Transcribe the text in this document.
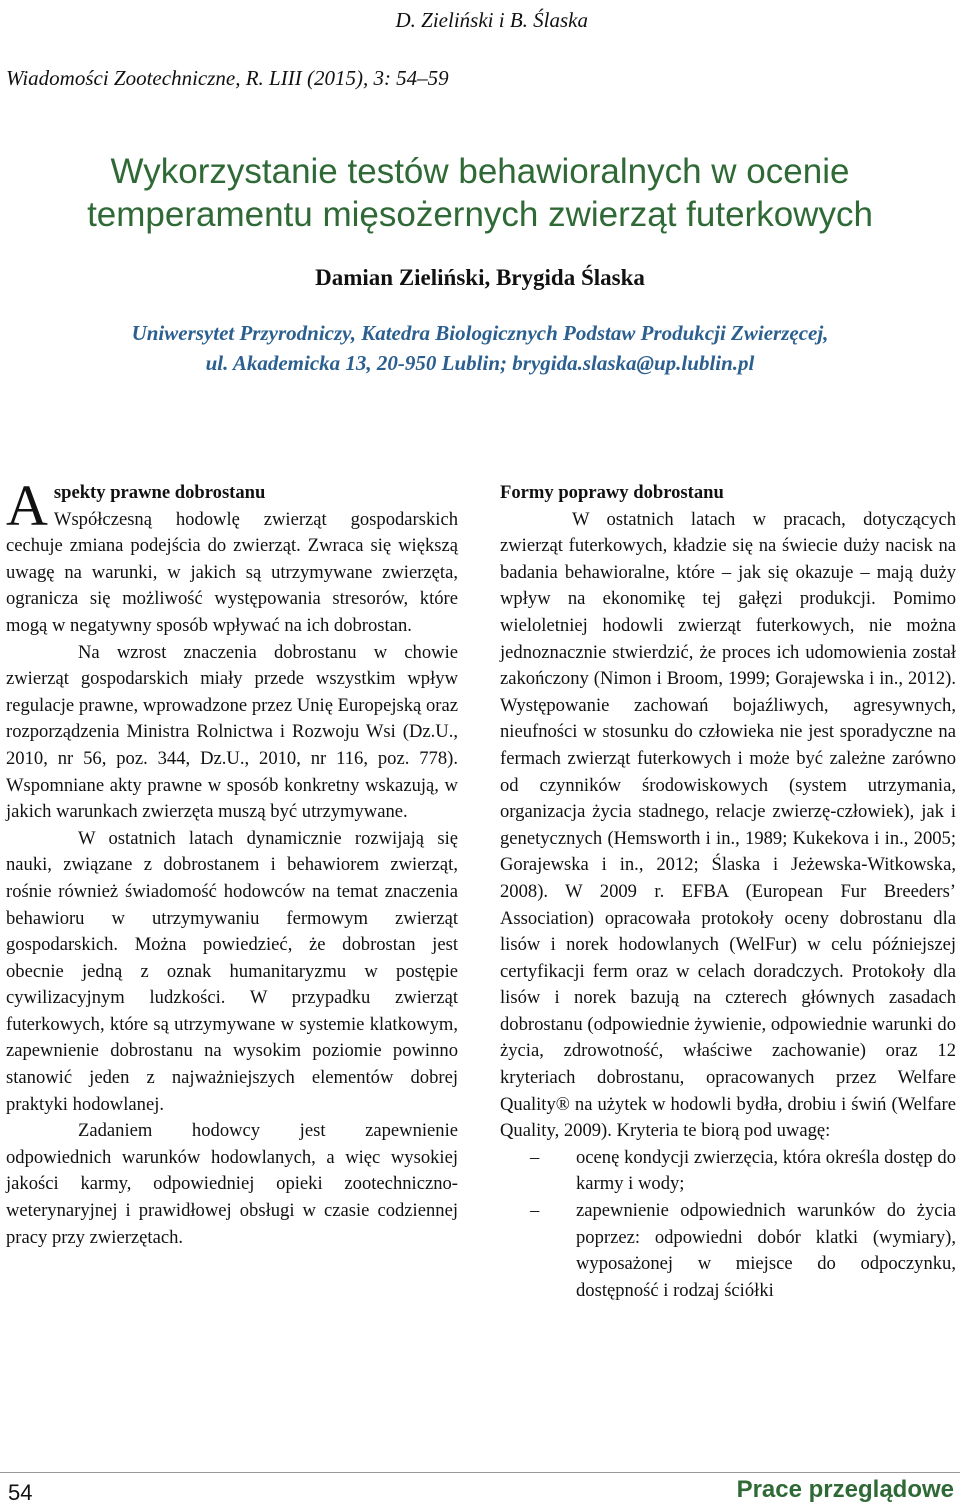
D. Zieliński i B. Ślaska
Wiadomości Zootechniczne, R. LIII (2015), 3: 54–59
Wykorzystanie testów behawioralnych w ocenie
temperamentu mięsożernych zwierząt futerkowych
Damian Zieliński, Brygida Ślaska
Uniwersytet Przyrodniczy, Katedra Biologicznych Podstaw Produkcji Zwierzęcej,
ul. Akademicka 13, 20-950 Lublin; brygida.slaska@up.lublin.pl

A spekty prawne dobrostanu
Współczesną hodowlę zwierząt gospodarskich cechuje zmiana podejścia do zwierząt. Zwraca się większą uwagę na warunki, w jakich są utrzymywane zwierzęta, ogranicza się możliwość występowania stresorów, które mogą w negatywny sposób wpływać na ich dobrostan.

Na wzrost znaczenia dobrostanu w chowie zwierząt gospodarskich miały przede wszystkim wpływ regulacje prawne, wprowadzone przez Unię Europejską oraz rozporządzenia Ministra Rolnictwa i Rozwoju Wsi (Dz.U., 2010, nr 56, poz. 344, Dz.U., 2010, nr 116, poz. 778). Wspomniane akty prawne w sposób konkretny wskazują, w jakich warunkach zwierzęta muszą być utrzymywane.

W ostatnich latach dynamicznie rozwijają się nauki, związane z dobrostanem i behawiorem zwierząt, rośnie również świadomość hodowców na temat znaczenia behawioru w utrzymywaniu fermowym zwierząt gospodarskich. Można powiedzieć, że dobrostan jest obecnie jedną z oznak humanitaryzmu w postępie cywilizacyjnym ludzkości. W przypadku zwierząt futerkowych, które są utrzymywane w systemie klatkowym, zapewnienie dobrostanu na wysokim poziomie powinno stanowić jeden z najważniejszych elementów dobrej praktyki hodowlanej.

Zadaniem hodowcy jest zapewnienie odpowiednich warunków hodowlanych, a więc wysokiej jakości karmy, odpowiedniej opieki zootechniczno-weterynaryjnej i prawidłowej obsługi w czasie codziennej pracy przy zwierzętach.

Formy poprawy dobrostanu

W ostatnich latach w pracach, dotyczących zwierząt futerkowych, kładzie się na świecie duży nacisk na badania behawioralne, które – jak się okazuje – mają duży wpływ na ekonomikę tej gałęzi produkcji. Pomimo wieloletniej hodowli zwierząt futerkowych, nie można jednoznacznie stwierdzić, że proces ich udomowienia został zakończony (Nimon i Broom, 1999; Gorajewska i in., 2012). Występowanie zachowań bojaźliwych, agresywnych, nieufności w stosunku do człowieka nie jest sporadyczne na fermach zwierząt futerkowych i może być zależne zarówno od czynników środowiskowych (system utrzymania, organizacja życia stadnego, relacje zwierzę-człowiek), jak i genetycznych (Hemsworth i in., 1989; Kukekova i in., 2005; Gorajewska i in., 2012; Ślaska i Jeżewska-Witkowska, 2008). W 2009 r. EFBA (European Fur Breeders’ Association) opracowała protokoły oceny dobrostanu dla lisów i norek hodowlanych (WelFur) w celu późniejszej certyfikacji ferm oraz w celach doradczych. Protokoły dla lisów i norek bazują na czterech głównych zasadach dobrostanu (odpowiednie żywienie, odpowiednie warunki do życia, zdrowotność, właściwe zachowanie) oraz 12 kryteriach dobrostanu, opracowanych przez Welfare Quality® na użytek w hodowli bydła, drobiu i świń (Welfare Quality, 2009). Kryteria te biorą pod uwagę:

– ocenę kondycji zwierzęcia, która określa dostęp do karmy i wody;
– zapewnienie odpowiednich warunków do życia poprzez: odpowiedni dobór klatki (wymiary), wyposażonej w miejsce do odpoczynku, dostępność i rodzaj ściółki
54	Prace przeglądowe
